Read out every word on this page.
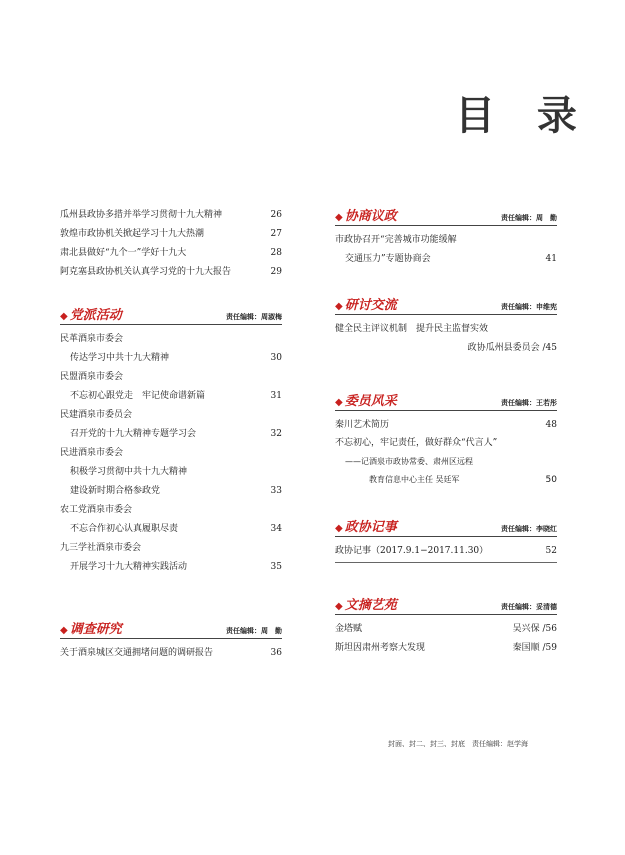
目 录
瓜州县政协多措并举学习贯彻十九大精神	26
敦煌市政协机关掀起学习十九大热潮	27
肃北县做好“九个一”学好十九大	28
阿克塞县政协机关认真学习党的十九大报告	29
◆ 党派活动	责任编辑：周淑梅
民革酒泉市委会
传达学习中共十九大精神	30
民盟酒泉市委会
不忘初心跟党走　牢记使命谱新篇	31
民建酒泉市委员会
召开党的十九大精神专题学习会	32
民进酒泉市委会
积极学习贯彻中共十九大精神
建设新时期合格参政党	33
农工党酒泉市委会
不忘合作初心认真履职尽责	34
九三学社酒泉市委会
开展学习十九大精神实践活动	35
◆ 调查研究	责任编辑：周　勤
关于酒泉城区交通拥堵问题的调研报告	36
◆ 协商议政	责任编辑：周　勤
市政协召开“完善城市功能缓解
交通压力”专题协商会	41
◆ 研讨交流	责任编辑：申维宪
健全民主评议机制　提升民主监督实效
政协瓜州县委员会 /45
◆ 委员风采	责任编辑：王若彤
秦川艺术简历	48
不忘初心，牢记责任，做好群众“代言人”
——记酒泉市政协常委、肃州区远程
教育信息中心主任 吴廷军	50
◆ 政协记事	责任编辑：李晓红
政协记事（2017.9.1−2017.11.30）	52
◆ 文摘艺苑	责任编辑：妥清德
金塔赋	吴兴保 /56
斯坦因肃州考察大发现	秦国顺 /59
封面、封二、封三、封底　责任编辑：赵学海
